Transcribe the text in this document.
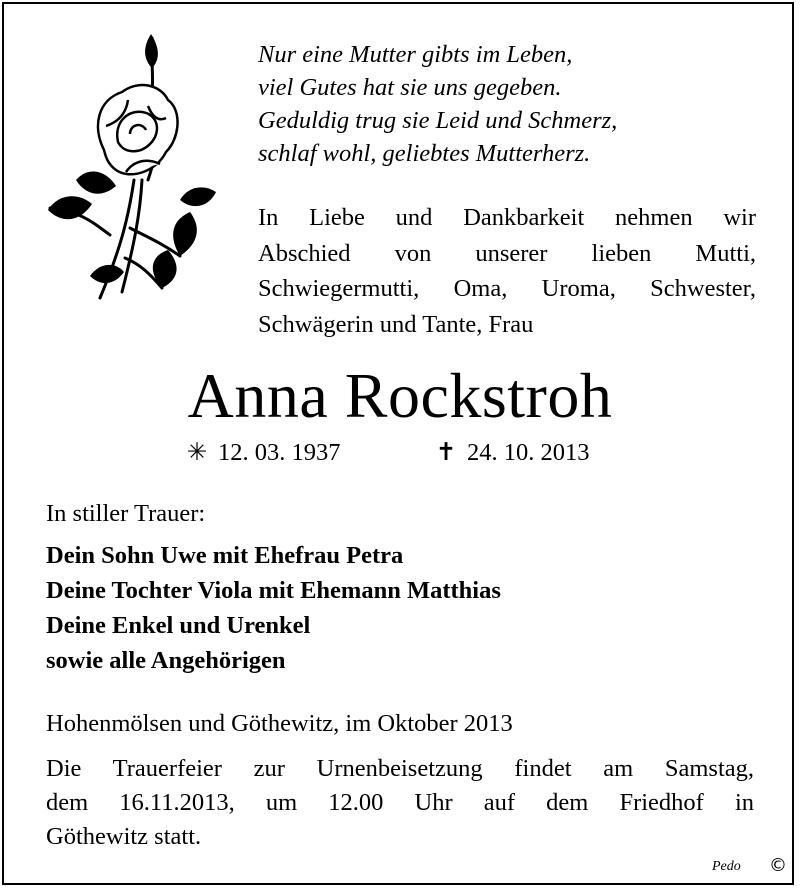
Nur eine Mutter gibts im Leben,
viel Gutes hat sie uns gegeben.
Geduldig trug sie Leid und Schmerz,
schlaf wohl, geliebtes Mutterherz.
In Liebe und Dankbarkeit nehmen wir
Abschied von unserer lieben Mutti,
Schwiegermutti, Oma, Uroma, Schwester,
Schwägerin und Tante, Frau
Anna Rockstroh
✳ 12. 03. 1937	✝ 24. 10. 2013
In stiller Trauer:
Dein Sohn Uwe mit Ehefrau Petra
Deine Tochter Viola mit Ehemann Matthias
Deine Enkel und Urenkel
sowie alle Angehörigen
Hohenmölsen und Göthewitz, im Oktober 2013
Die Trauerfeier zur Urnenbeisetzung findet am Samstag,
dem 16.11.2013, um 12.00 Uhr auf dem Friedhof in
Göthewitz statt.
Pedo ©
